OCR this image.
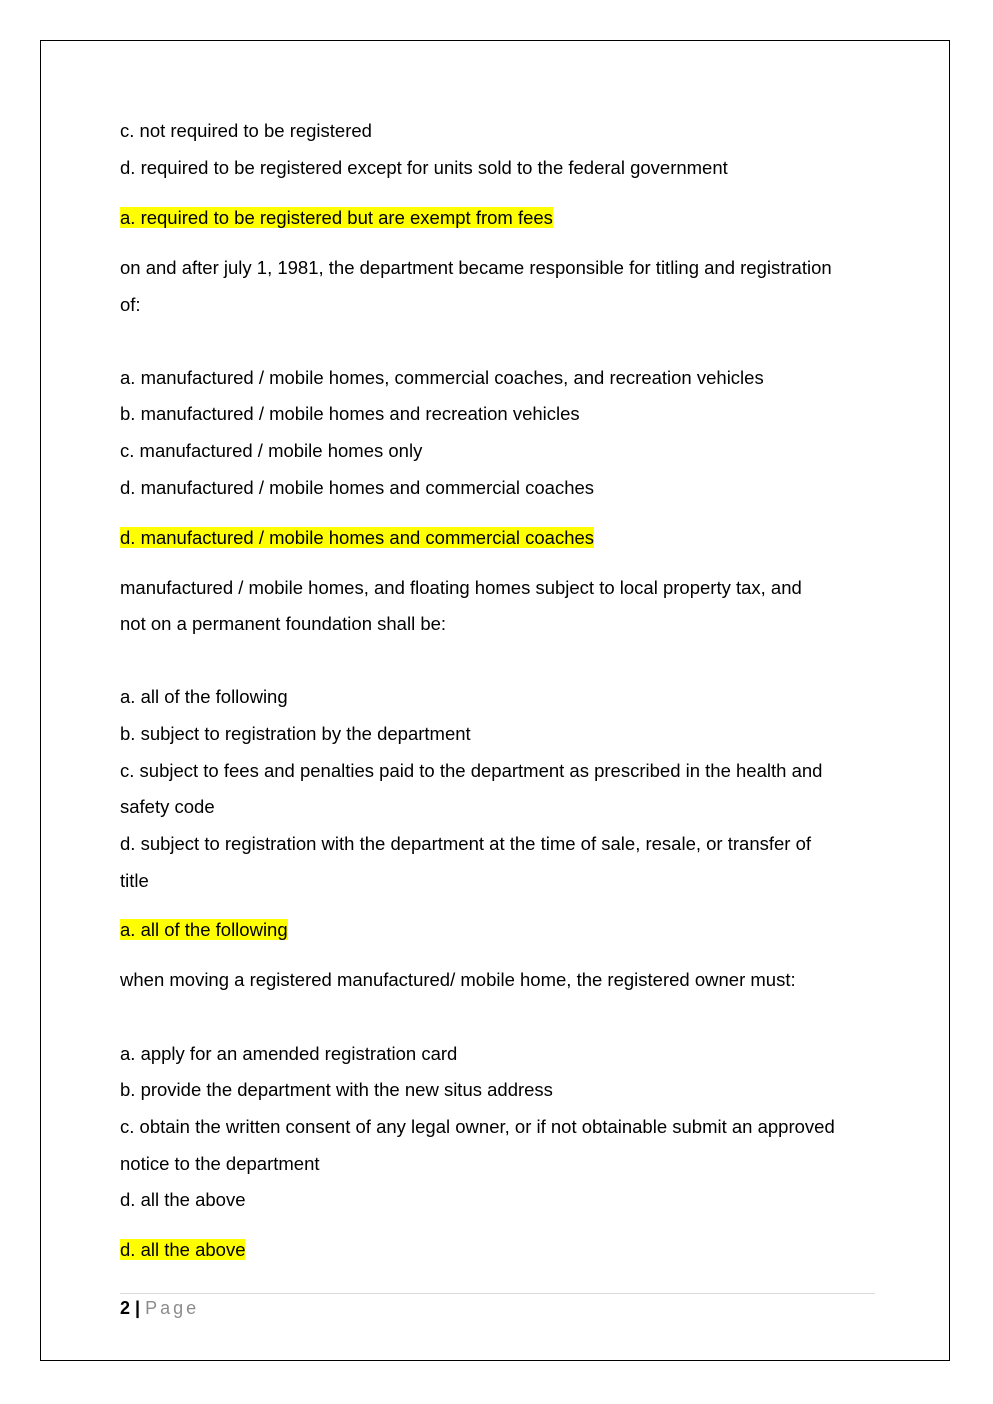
c. not required to be registered
d. required to be registered except for units sold to the federal government
a. required to be registered but are exempt from fees
on and after july 1, 1981, the department became responsible for titling and registration
of:
a. manufactured / mobile homes, commercial coaches, and recreation vehicles
b. manufactured / mobile homes and recreation vehicles
c. manufactured / mobile homes only
d. manufactured / mobile homes and commercial coaches
d. manufactured / mobile homes and commercial coaches
manufactured / mobile homes, and floating homes subject to local property tax, and
not on a permanent foundation shall be:
a. all of the following
b. subject to registration by the department
c. subject to fees and penalties paid to the department as prescribed in the health and
safety code
d. subject to registration with the department at the time of sale, resale, or transfer of
title
a. all of the following
when moving a registered manufactured/ mobile home, the registered owner must:
a. apply for an amended registration card
b. provide the department with the new situs address
c. obtain the written consent of any legal owner, or if not obtainable submit an approved
notice to the department
d. all the above
d. all the above
2 | Page
